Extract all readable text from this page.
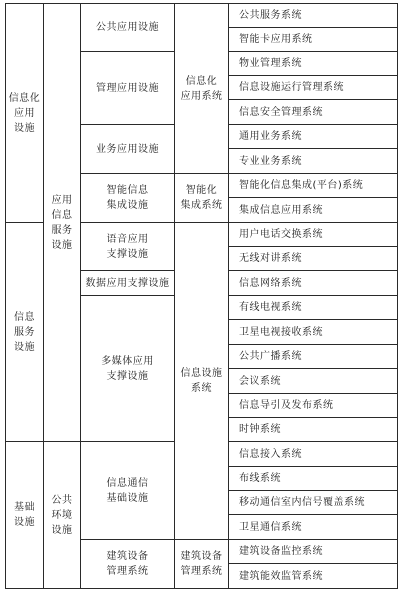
信息化
应用
设施
信息
服务
设施
基础
设施
应用
信息
服务
设施
公共
环境
设施
公共应用设施
管理应用设施
业务应用设施
智能信息
集成设施
语音应用
支撑设施
数据应用支撑设施
多媒体应用
支撑设施
信息通信
基础设施
建筑设备
管理系统
信息化
应用系统
智能化
集成系统
信息设施
系统
建筑设备
管理系统
公共服务系统
智能卡应用系统
物业管理系统
信息设施运行管理系统
信息安全管理系统
通用业务系统
专业业务系统
智能化信息集成(平台)系统
集成信息应用系统
用户电话交换系统
无线对讲系统
信息网络系统
有线电视系统
卫星电视接收系统
公共广播系统
会议系统
信息导引及发布系统
时钟系统
信息接入系统
布线系统
移动通信室内信号覆盖系统
卫星通信系统
建筑设备监控系统
建筑能效监管系统
